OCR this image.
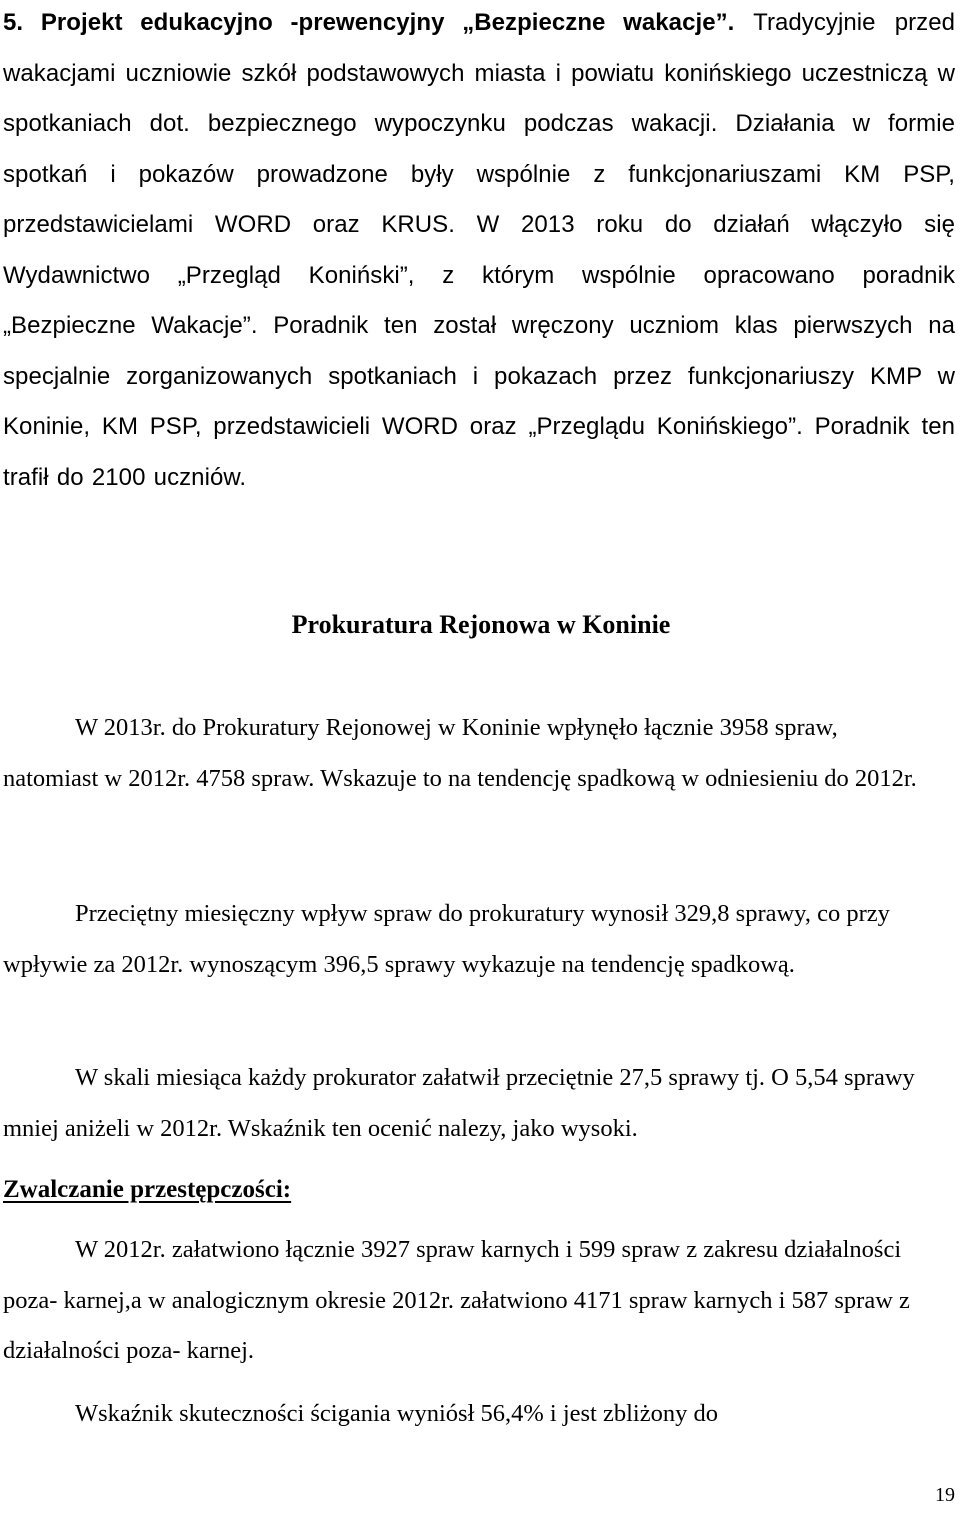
5. Projekt edukacyjno -prewencyjny „Bezpieczne wakacje”. Tradycyjnie przed wakacjami uczniowie szkół podstawowych miasta i powiatu konińskiego uczestniczą w spotkaniach dot. bezpiecznego wypoczynku podczas wakacji. Działania w formie spotkań i pokazów prowadzone były wspólnie z funkcjonariuszami KM PSP, przedstawicielami WORD oraz KRUS. W 2013 roku do działań włączyło się Wydawnictwo „Przegląd Koniński”, z którym wspólnie opracowano poradnik „Bezpieczne Wakacje”. Poradnik ten został wręczony uczniom klas pierwszych na specjalnie zorganizowanych spotkaniach i pokazach przez funkcjonariuszy KMP w Koninie, KM PSP, przedstawicieli WORD oraz „Przeglądu Konińskiego”. Poradnik ten trafił do 2100 uczniów.

Prokuratura Rejonowa w Koninie

W 2013r. do Prokuratury Rejonowej w Koninie wpłynęło łącznie 3958 spraw, natomiast w 2012r. 4758 spraw. Wskazuje to na tendencję spadkową w odniesieniu do 2012r.

Przeciętny miesięczny wpływ spraw do prokuratury wynosił 329,8 sprawy, co przy wpływie za 2012r. wynoszącym 396,5 sprawy wykazuje na tendencję spadkową.

W skali miesiąca każdy prokurator załatwił przeciętnie 27,5 sprawy tj. O 5,54 sprawy mniej aniżeli w 2012r. Wskaźnik ten ocenić nalezy, jako wysoki.

Zwalczanie przestępczości:

W 2012r. załatwiono łącznie 3927 spraw karnych i 599 spraw z zakresu działalności poza- karnej,a w analogicznym okresie 2012r. załatwiono 4171 spraw karnych i 587 spraw z działalności poza- karnej.

Wskaźnik skuteczności ścigania wyniósł 56,4% i jest zbliżony do

19
